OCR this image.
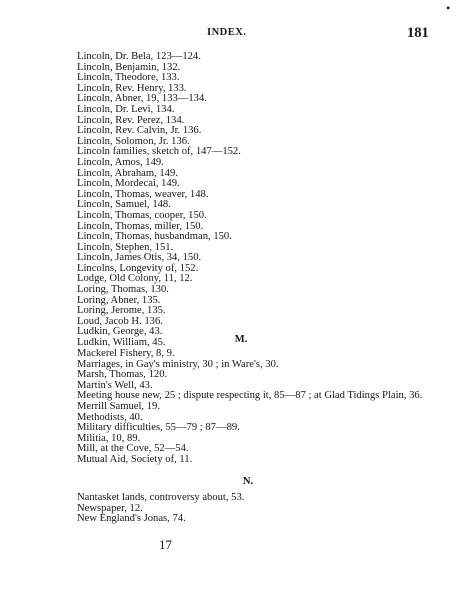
•
INDEX.	181
Lincoln, Dr. Bela, 123—124.
Lincoln, Benjamin, 132.
Lincoln, Theodore, 133.
Lincoln, Rev. Henry, 133.
Lincoln, Abner, 19, 133—134.
Lincoln, Dr. Levi, 134.
Lincoln, Rev. Perez, 134.
Lincoln, Rev. Calvin, Jr. 136.
Lincoln, Solomon, Jr. 136.
Lincoln families, sketch of, 147—152.
Lincoln, Amos, 149.
Lincoln, Abraham, 149.
Lincoln, Mordecai, 149.
Lincoln, Thomas, weaver, 148.
Lincoln, Samuel, 148.
Lincoln, Thomas, cooper, 150.
Lincoln, Thomas, miller, 150.
Lincoln, Thomas, husbandman, 150.
Lincoln, Stephen, 151.
Lincoln, James Otis, 34, 150.
Lincolns, Longevity of, 152.
Lodge, Old Colony, 11, 12.
Loring, Thomas, 130.
Loring, Abner, 135.
Loring, Jerome, 135.
Loud, Jacob H. 136.
Ludkin, George, 43.
Ludkin, William, 45.	M.
Mackerel Fishery, 8, 9.
Marriages, in Gay's ministry, 30 ; in Ware's, 30.
Marsh, Thomas, 120.
Martin's Well, 43.
Meeting house new, 25 ; dispute respecting it, 85—87 ; at Glad Tidings Plain, 36.
Merrill Samuel, 19.
Methodists, 40.
Military difficulties, 55—79 ; 87—89.
Militia, 10, 89.
Mill, at the Cove, 52—54.
Mutual Aid, Society of, 11.
N.
Nantasket lands, controversy about, 53.
Newspaper, 12.
New England's Jonas, 74.
17
